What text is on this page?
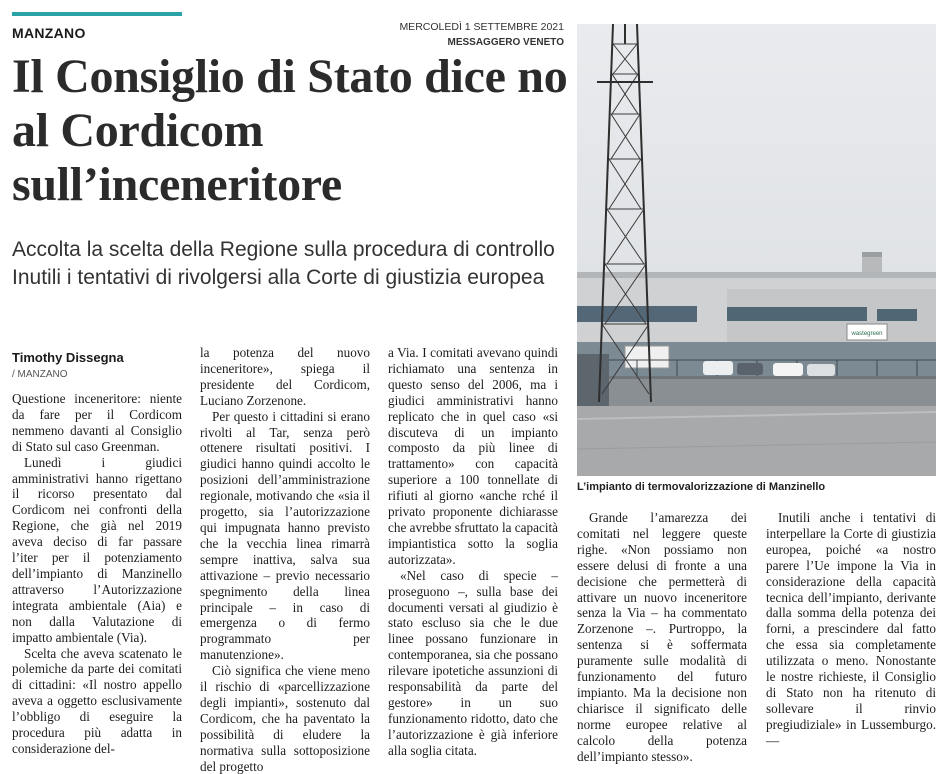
MANZANO	MERCOLEDÌ 1 SETTEMBRE 2021
MESSAGGERO VENETO
Il Consiglio di Stato dice no al Cordicom sull’inceneritore
Accolta la scelta della Regione sulla procedura di controllo
Inutili i tentativi di rivolgersi alla Corte di giustizia europea
Timothy Dissegna
/ MANZANO

Questione inceneritore: niente da fare per il Cordicom nemmeno davanti al Consiglio di Stato sul caso Greenman.

Lunedì i giudici amministrativi hanno rigettano il ricorso presentato dal Cordicom nei confronti della Regione, che già nel 2019 aveva deciso di far passare l’iter per il potenziamento dell’impianto di Manzinello attraverso l’Autorizzazione integrata ambientale (Aia) e non dalla Valutazione di impatto ambientale (Via).

Scelta che aveva scatenato le polemiche da parte dei comitati di cittadini: «Il nostro appello aveva a oggetto esclusivamente l’obbligo di eseguire la procedura più adatta in considerazione del-

la potenza del nuovo inceneritore», spiega il presidente del Cordicom, Luciano Zorzenone.

Per questo i cittadini si erano rivolti al Tar, senza però ottenere risultati positivi. I giudici hanno quindi accolto le posizioni dell’amministrazione regionale, motivando che «sia il progetto, sia l’autorizzazione qui impugnata hanno previsto che la vecchia linea rimarrà sempre inattiva, salva sua attivazione – previo necessario spegnimento della linea principale – in caso di emergenza o di fermo programmato per manutenzione».

Ciò significa che viene meno il rischio di «parcellizzazione degli impianti», sostenuto dal Cordicom, che ha paventato la possibilità di eludere la normativa sulla sottoposizione del progetto

a Via. I comitati avevano quindi richiamato una sentenza in questo senso del 2006, ma i giudici amministrativi hanno replicato che in quel caso «si discuteva di un impianto composto da più linee di trattamento» con capacità superiore a 100 tonnellate di rifiuti al giorno «anche rché il privato proponente dichiarasse che avrebbe sfruttato la capacità impiantistica sotto la soglia autorizzata».

«Nel caso di specie – proseguono –, sulla base dei documenti versati al giudizio è stato escluso sia che le due linee possano funzionare in contemporanea, sia che possano rilevare ipotetiche assunzioni di responsabilità da parte del gestore» in un suo funzionamento ridotto, dato che l’autorizzazione è già inferiore alla soglia citata.

wastegreen
L’impianto di termovalorizzazione di Manzinello

Grande l’amarezza dei comitati nel leggere queste righe. «Non possiamo non essere delusi di fronte a una decisione che permetterà di attivare un nuovo inceneritore senza la Via – ha commentato Zorzenone –. Purtroppo, la sentenza si è soffermata puramente sulle modalità di funzionamento del futuro impianto. Ma la decisione non chiarisce il significato delle norme europee relative al calcolo della potenza dell’impianto stesso».

Inutili anche i tentativi di interpellare la Corte di giustizia europea, poiché «a nostro parere l’Ue impone la Via in considerazione della capacità tecnica dell’impianto, derivante dalla somma della potenza dei forni, a prescindere dal fatto che essa sia completamente utilizzata o meno. Nonostante le nostre richieste, il Consiglio di Stato non ha ritenuto di sollevare il rinvio pregiudiziale» in Lussemburgo. —
